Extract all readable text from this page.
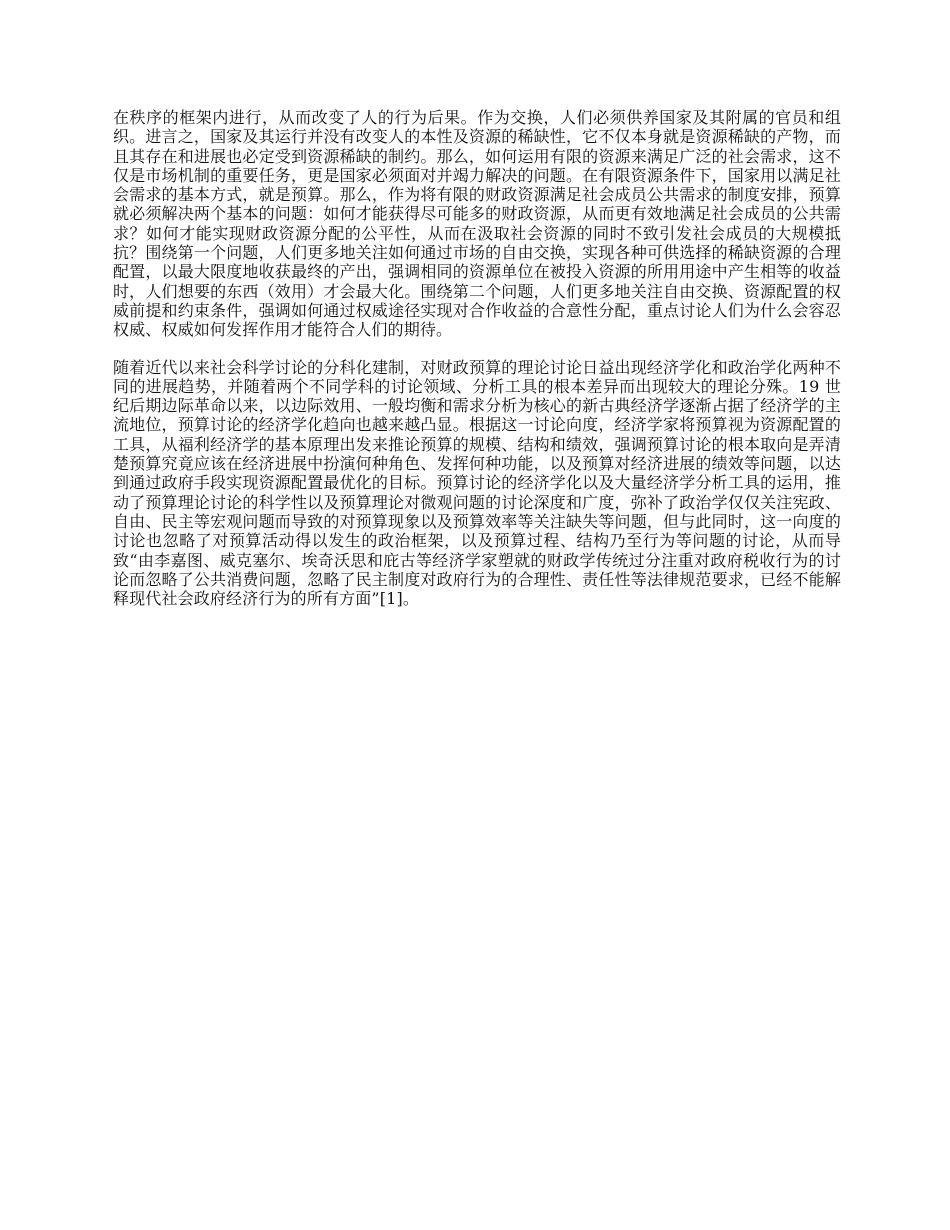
在秩序的框架内进行，从而改变了人的行为后果。作为交换，人们必须供养国家及其附属的官员和组织。进言之，国家及其运行并没有改变人的本性及资源的稀缺性，它不仅本身就是资源稀缺的产物，而且其存在和进展也必定受到资源稀缺的制约。那么，如何运用有限的资源来满足广泛的社会需求，这不仅是市场机制的重要任务，更是国家必须面对并竭力解决的问题。在有限资源条件下，国家用以满足社会需求的基本方式，就是预算。那么，作为将有限的财政资源满足社会成员公共需求的制度安排，预算就必须解决两个基本的问题：如何才能获得尽可能多的财政资源，从而更有效地满足社会成员的公共需求？如何才能实现财政资源分配的公平性，从而在汲取社会资源的同时不致引发社会成员的大规模抵抗？围绕第一个问题，人们更多地关注如何通过市场的自由交换，实现各种可供选择的稀缺资源的合理配置，以最大限度地收获最终的产出，强调相同的资源单位在被投入资源的所用用途中产生相等的收益时，人们想要的东西（效用）才会最大化。围绕第二个问题，人们更多地关注自由交换、资源配置的权威前提和约束条件，强调如何通过权威途径实现对合作收益的合意性分配，重点讨论人们为什么会容忍权威、权威如何发挥作用才能符合人们的期待。

随着近代以来社会科学讨论的分科化建制，对财政预算的理论讨论日益出现经济学化和政治学化两种不同的进展趋势，并随着两个不同学科的讨论领域、分析工具的根本差异而出现较大的理论分殊。19 世纪后期边际革命以来，以边际效用、一般均衡和需求分析为核心的新古典经济学逐渐占据了经济学的主流地位，预算讨论的经济学化趋向也越来越凸显。根据这一讨论向度，经济学家将预算视为资源配置的工具，从福利经济学的基本原理出发来推论预算的规模、结构和绩效，强调预算讨论的根本取向是弄清楚预算究竟应该在经济进展中扮演何种角色、发挥何种功能，以及预算对经济进展的绩效等问题，以达到通过政府手段实现资源配置最优化的目标。预算讨论的经济学化以及大量经济学分析工具的运用，推动了预算理论讨论的科学性以及预算理论对微观问题的讨论深度和广度，弥补了政治学仅仅关注宪政、自由、民主等宏观问题而导致的对预算现象以及预算效率等关注缺失等问题，但与此同时，这一向度的讨论也忽略了对预算活动得以发生的政治框架，以及预算过程、结构乃至行为等问题的讨论，从而导致“由李嘉图、威克塞尔、埃奇沃思和庇古等经济学家塑就的财政学传统过分注重对政府税收行为的讨论而忽略了公共消费问题，忽略了民主制度对政府行为的合理性、责任性等法律规范要求，已经不能解释现代社会政府经济行为的所有方面”[1]。
